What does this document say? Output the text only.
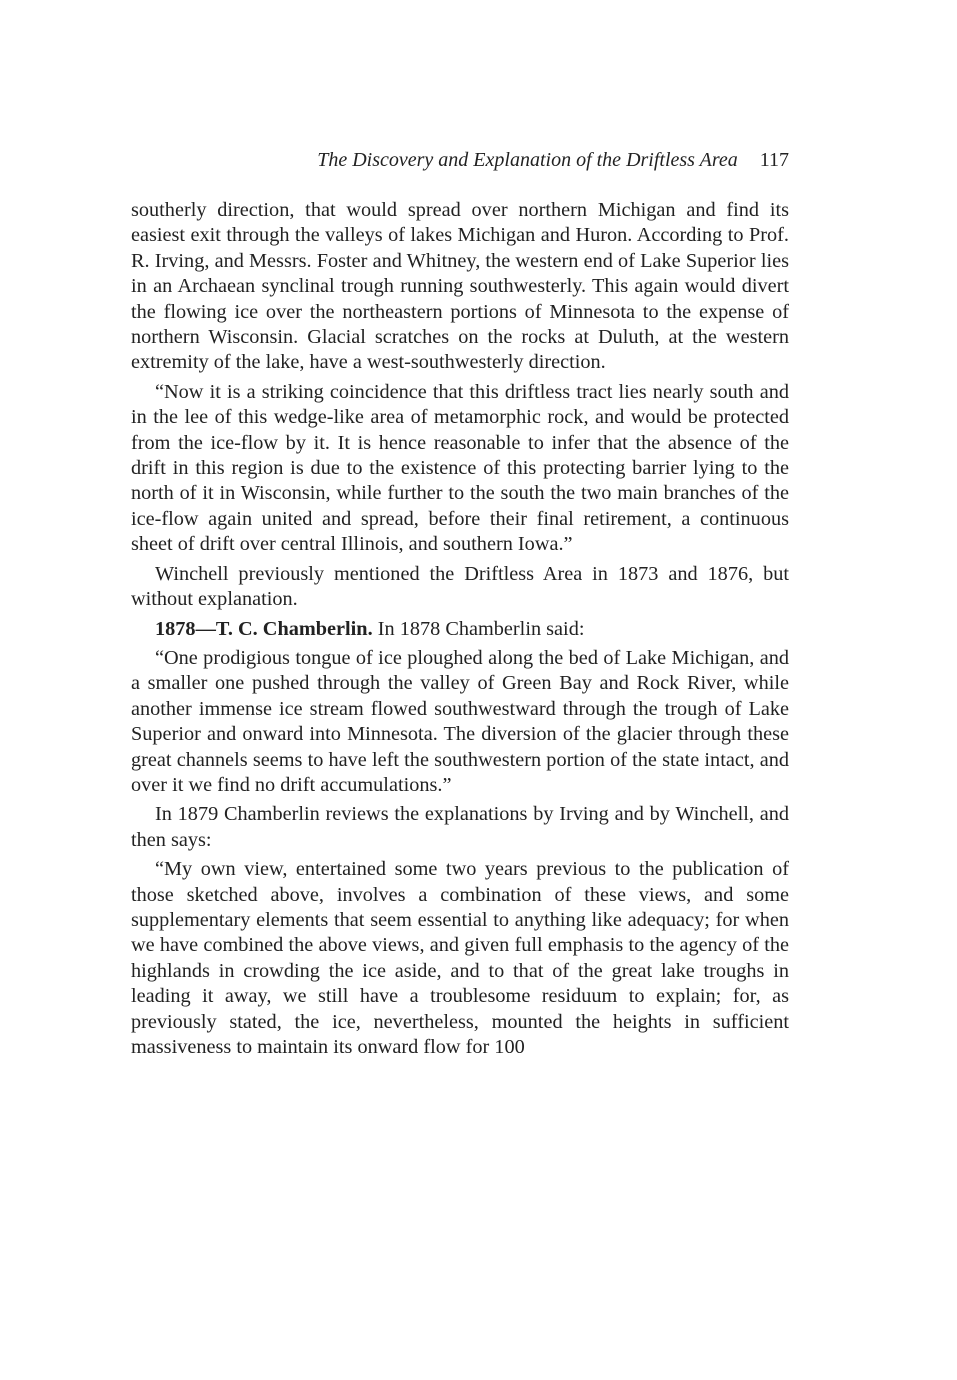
The Discovery and Explanation of the Driftless Area 117

southerly direction, that would spread over northern Michigan and find its easiest exit through the valleys of lakes Michigan and Huron. According to Prof. R. Irving, and Messrs. Foster and Whitney, the western end of Lake Superior lies in an Archaean synclinal trough running southwesterly. This again would divert the flowing ice over the northeastern portions of Minnesota to the expense of northern Wisconsin. Glacial scratches on the rocks at Duluth, at the western extremity of the lake, have a west-southwesterly direction.

“Now it is a striking coincidence that this driftless tract lies nearly south and in the lee of this wedge-like area of metamorphic rock, and would be protected from the ice-flow by it. It is hence reasonable to infer that the absence of the drift in this region is due to the existence of this protecting barrier lying to the north of it in Wisconsin, while further to the south the two main branches of the ice-flow again united and spread, before their final retirement, a continuous sheet of drift over central Illinois, and southern Iowa.”

Winchell previously mentioned the Driftless Area in 1873 and 1876, but without explanation.

1878—T. C. Chamberlin. In 1878 Chamberlin said:

“One prodigious tongue of ice ploughed along the bed of Lake Michigan, and a smaller one pushed through the valley of Green Bay and Rock River, while another immense ice stream flowed southwestward through the trough of Lake Superior and onward into Minnesota. The diversion of the glacier through these great channels seems to have left the southwestern portion of the state intact, and over it we find no drift accumulations.”

In 1879 Chamberlin reviews the explanations by Irving and by Winchell, and then says:

“My own view, entertained some two years previous to the publication of those sketched above, involves a combination of these views, and some supplementary elements that seem essential to anything like adequacy; for when we have combined the above views, and given full emphasis to the agency of the highlands in crowding the ice aside, and to that of the great lake troughs in leading it away, we still have a troublesome residuum to explain; for, as previously stated, the ice, nevertheless, mounted the heights in sufficient massiveness to maintain its onward flow for 100
